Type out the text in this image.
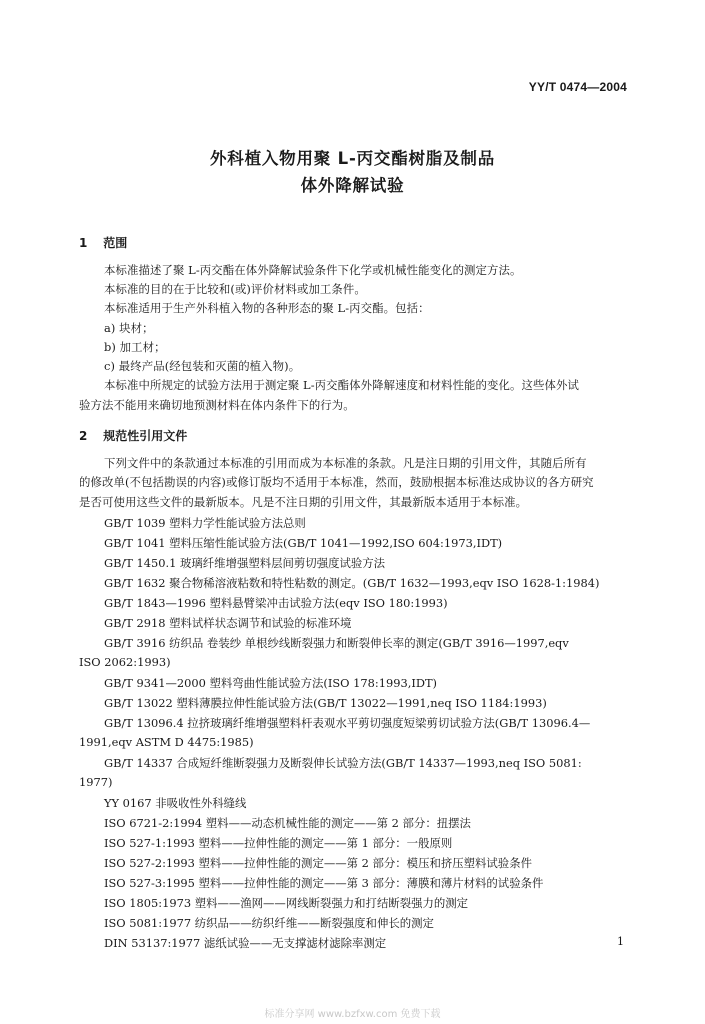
YY/T 0474—2004
外科植入物用聚 L-丙交酯树脂及制品
体外降解试验
1 范围
本标准描述了聚 L-丙交酯在体外降解试验条件下化学或机械性能变化的测定方法。
本标准的目的在于比较和(或)评价材料或加工条件。
本标准适用于生产外科植入物的各种形态的聚 L-丙交酯。包括：
a) 块材；
b) 加工材；
c) 最终产品(经包装和灭菌的植入物)。
本标准中所规定的试验方法用于测定聚 L-丙交酯体外降解速度和材料性能的变化。这些体外试
验方法不能用来确切地预测材料在体内条件下的行为。
2 规范性引用文件
下列文件中的条款通过本标准的引用而成为本标准的条款。凡是注日期的引用文件，其随后所有
的修改单(不包括勘误的内容)或修订版均不适用于本标准，然而，鼓励根据本标准达成协议的各方研究
是否可使用这些文件的最新版本。凡是不注日期的引用文件，其最新版本适用于本标准。
GB/T 1039 塑料力学性能试验方法总则
GB/T 1041 塑料压缩性能试验方法(GB/T 1041—1992,ISO 604:1973,IDT)
GB/T 1450.1 玻璃纤维增强塑料层间剪切强度试验方法
GB/T 1632 聚合物稀溶液粘数和特性粘数的测定。(GB/T 1632—1993,eqv ISO 1628-1:1984)
GB/T 1843—1996 塑料悬臂梁冲击试验方法(eqv ISO 180:1993)
GB/T 2918 塑料试样状态调节和试验的标准环境
GB/T 3916 纺织品 卷装纱 单根纱线断裂强力和断裂伸长率的测定(GB/T 3916—1997,eqv
ISO 2062:1993)
GB/T 9341—2000 塑料弯曲性能试验方法(ISO 178:1993,IDT)
GB/T 13022 塑料薄膜拉伸性能试验方法(GB/T 13022—1991,neq ISO 1184:1993)
GB/T 13096.4 拉挤玻璃纤维增强塑料杆表观水平剪切强度短梁剪切试验方法(GB/T 13096.4—
1991,eqv ASTM D 4475:1985)
GB/T 14337 合成短纤维断裂强力及断裂伸长试验方法(GB/T 14337—1993,neq ISO 5081:
1977)
YY 0167 非吸收性外科缝线
ISO 6721-2:1994 塑料——动态机械性能的测定——第 2 部分：扭摆法
ISO 527-1:1993 塑料——拉伸性能的测定——第 1 部分：一般原则
ISO 527-2:1993 塑料——拉伸性能的测定——第 2 部分：模压和挤压塑料试验条件
ISO 527-3:1995 塑料——拉伸性能的测定——第 3 部分：薄膜和薄片材料的试验条件
ISO 1805:1973 塑料——渔网——网线断裂强力和打结断裂强力的测定
ISO 5081:1977 纺织品——纺织纤维——断裂强度和伸长的测定
DIN 53137:1977 滤纸试验——无支撑滤材滤除率测定	1
标准分享网 www.bzfxw.com 免费下载
